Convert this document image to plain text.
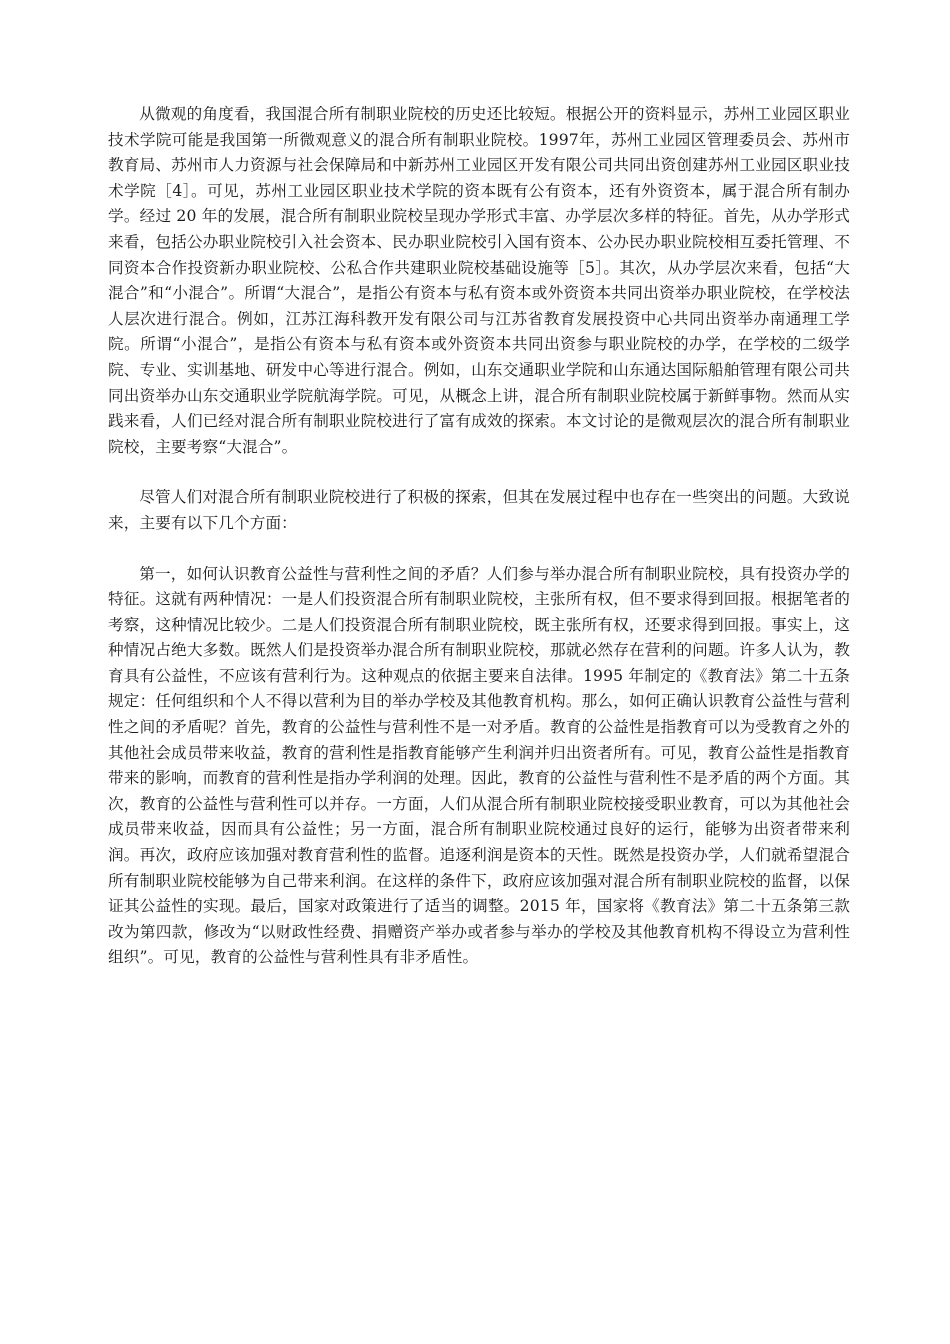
从微观的角度看，我国混合所有制职业院校的历史还比较短。根据公开的资料显示，苏州工业园区职业技术学院可能是我国第一所微观意义的混合所有制职业院校。1997年，苏州工业园区管理委员会、苏州市教育局、苏州市人力资源与社会保障局和中新苏州工业园区开发有限公司共同出资创建苏州工业园区职业技术学院［4］。可见，苏州工业园区职业技术学院的资本既有公有资本，还有外资资本，属于混合所有制办学。经过 20 年的发展，混合所有制职业院校呈现办学形式丰富、办学层次多样的特征。首先，从办学形式来看，包括公办职业院校引入社会资本、民办职业院校引入国有资本、公办民办职业院校相互委托管理、不同资本合作投资新办职业院校、公私合作共建职业院校基础设施等［5］。其次，从办学层次来看，包括“大混合”和“小混合”。所谓“大混合”，是指公有资本与私有资本或外资资本共同出资举办职业院校，在学校法人层次进行混合。例如，江苏江海科教开发有限公司与江苏省教育发展投资中心共同出资举办南通理工学院。所谓“小混合”，是指公有资本与私有资本或外资资本共同出资参与职业院校的办学，在学校的二级学院、专业、实训基地、研发中心等进行混合。例如，山东交通职业学院和山东通达国际船舶管理有限公司共同出资举办山东交通职业学院航海学院。可见，从概念上讲，混合所有制职业院校属于新鲜事物。然而从实践来看，人们已经对混合所有制职业院校进行了富有成效的探索。本文讨论的是微观层次的混合所有制职业院校，主要考察“大混合”。

尽管人们对混合所有制职业院校进行了积极的探索，但其在发展过程中也存在一些突出的问题。大致说来，主要有以下几个方面：

第一，如何认识教育公益性与营利性之间的矛盾？人们参与举办混合所有制职业院校，具有投资办学的特征。这就有两种情况：一是人们投资混合所有制职业院校，主张所有权，但不要求得到回报。根据笔者的考察，这种情况比较少。二是人们投资混合所有制职业院校，既主张所有权，还要求得到回报。事实上，这种情况占绝大多数。既然人们是投资举办混合所有制职业院校，那就必然存在营利的问题。许多人认为，教育具有公益性，不应该有营利行为。这种观点的依据主要来自法律。1995 年制定的《教育法》第二十五条规定：任何组织和个人不得以营利为目的举办学校及其他教育机构。那么，如何正确认识教育公益性与营利性之间的矛盾呢？首先，教育的公益性与营利性不是一对矛盾。教育的公益性是指教育可以为受教育之外的其他社会成员带来收益，教育的营利性是指教育能够产生利润并归出资者所有。可见，教育公益性是指教育带来的影响，而教育的营利性是指办学利润的处理。因此，教育的公益性与营利性不是矛盾的两个方面。其次，教育的公益性与营利性可以并存。一方面，人们从混合所有制职业院校接受职业教育，可以为其他社会成员带来收益，因而具有公益性；另一方面，混合所有制职业院校通过良好的运行，能够为出资者带来利润。再次，政府应该加强对教育营利性的监督。追逐利润是资本的天性。既然是投资办学，人们就希望混合所有制职业院校能够为自己带来利润。在这样的条件下，政府应该加强对混合所有制职业院校的监督，以保证其公益性的实现。最后，国家对政策进行了适当的调整。2015 年，国家将《教育法》第二十五条第三款改为第四款，修改为“以财政性经费、捐赠资产举办或者参与举办的学校及其他教育机构不得设立为营利性组织”。可见，教育的公益性与营利性具有非矛盾性。
